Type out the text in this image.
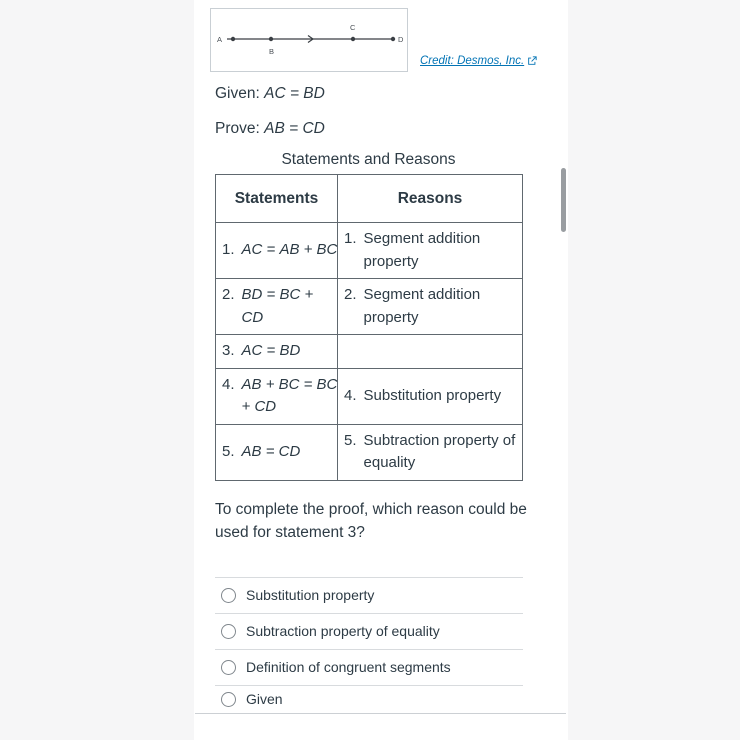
A
B
C
D
Credit: Desmos, Inc.
Given: AC = BD
Prove: AB = CD
Statements and Reasons
Statements	Reasons

1. AC = AB + BC	1. Segment addition property

2. BD = BC + CD	2. Segment addition property

3. AC = BD	

4. AB + BC = BC + CD	4. Substitution property

5. AB = CD	5. Subtraction property of equality
To complete the proof, which reason could be used for statement 3?
Substitution property
Subtraction property of equality
Definition of congruent segments
Given
